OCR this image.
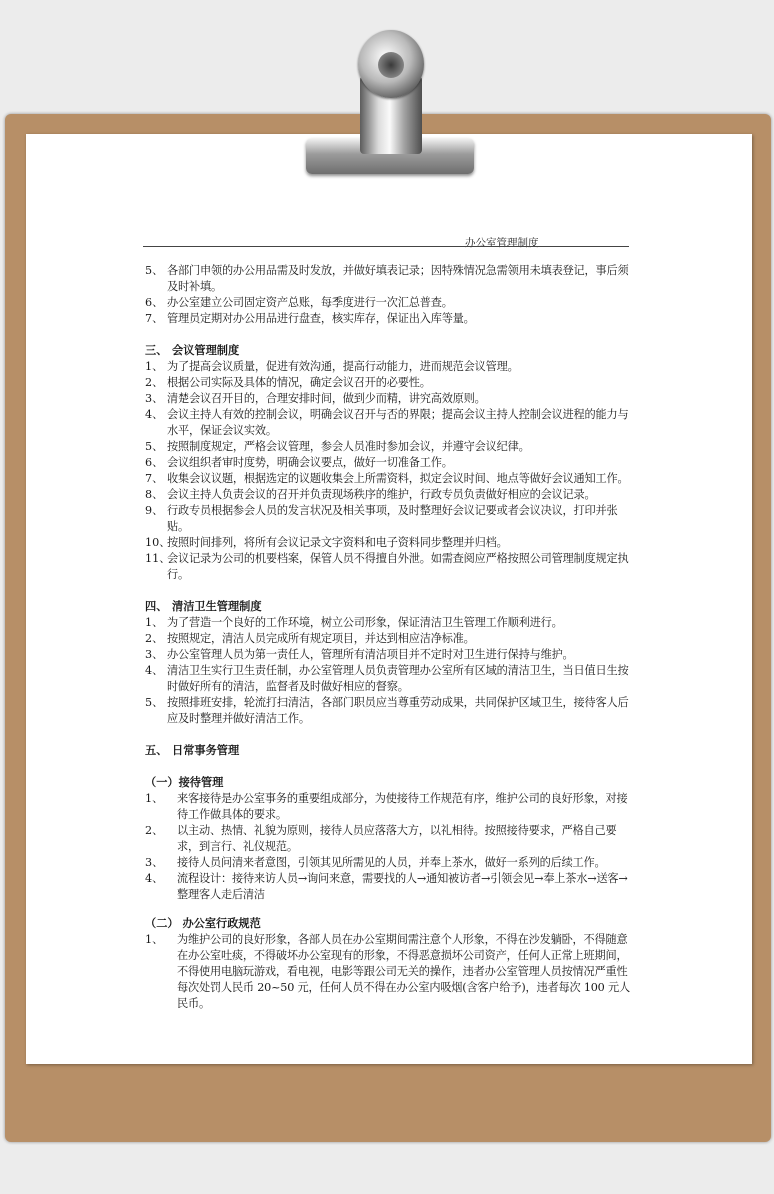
办公室管理制度
5、 各部门申领的办公用品需及时发放，并做好填表记录；因特殊情况急需领用未填表登记，事后须及时补填。
6、 办公室建立公司固定资产总账，每季度进行一次汇总普查。
7、 管理员定期对办公用品进行盘查，核实库存，保证出入库等量。
三、 会议管理制度
1、 为了提高会议质量，促进有效沟通，提高行动能力，进而规范会议管理。
2、 根据公司实际及具体的情况，确定会议召开的必要性。
3、 清楚会议召开目的，合理安排时间，做到少而精，讲究高效原则。
4、 会议主持人有效的控制会议，明确会议召开与否的界限；提高会议主持人控制会议进程的能力与水平，保证会议实效。
5、 按照制度规定，严格会议管理，参会人员准时参加会议，并遵守会议纪律。
6、 会议组织者审时度势，明确会议要点，做好一切准备工作。
7、 收集会议议题，根据选定的议题收集会上所需资料，拟定会议时间、地点等做好会议通知工作。
8、 会议主持人负责会议的召开并负责现场秩序的维护，行政专员负责做好相应的会议记录。
9、 行政专员根据参会人员的发言状况及相关事项，及时整理好会议记要或者会议决议，打印并张贴。
10、
按照时间排列，将所有会议记录文字资料和电子资料同步整理并归档。
11、
会议记录为公司的机要档案，保管人员不得擅自外泄。如需查阅应严格按照公司管理制度规定执行。
四、 清洁卫生管理制度
1、 为了营造一个良好的工作环境，树立公司形象，保证清洁卫生管理工作顺利进行。
2、 按照规定，清洁人员完成所有规定项目，并达到相应洁净标准。
3、 办公室管理人员为第一责任人，管理所有清洁项目并不定时对卫生进行保持与维护。
4、 清洁卫生实行卫生责任制，办公室管理人员负责管理办公室所有区域的清洁卫生，当日值日生按时做好所有的清洁，监督者及时做好相应的督察。
5、 按照排班安排，轮流打扫清洁，各部门职员应当尊重劳动成果，共同保护区域卫生，接待客人后应及时整理并做好清洁工作。
五、 日常事务管理
（一）接待管理
1、	来客接待是办公室事务的重要组成部分，为使接待工作规范有序，维护公司的良好形象，对接待工作做具体的要求。
2、	以主动、热情、礼貌为原则，接待人员应落落大方，以礼相待。按照接待要求，严格自己要求，到言行、礼仪规范。
3、	接待人员问清来者意图，引领其见所需见的人员，并奉上茶水，做好一系列的后续工作。
4、	流程设计：接待来访人员→询问来意，需要找的人→通知被访者→引领会见→奉上茶水→送客→整理客人走后清洁
（二） 办公室行政规范
1、	为维护公司的良好形象，各部人员在办公室期间需注意个人形象，不得在沙发躺卧，不得随意在办公室吐痰，不得破坏办公室现有的形象，不得恶意损坏公司资产，任何人正常上班期间，不得使用电脑玩游戏，看电视，电影等跟公司无关的操作，违者办公室管理人员按情况严重性每次处罚人民币 20~50 元，任何人员不得在办公室内吸烟(含客户给予)，违者每次 100 元人民币。
